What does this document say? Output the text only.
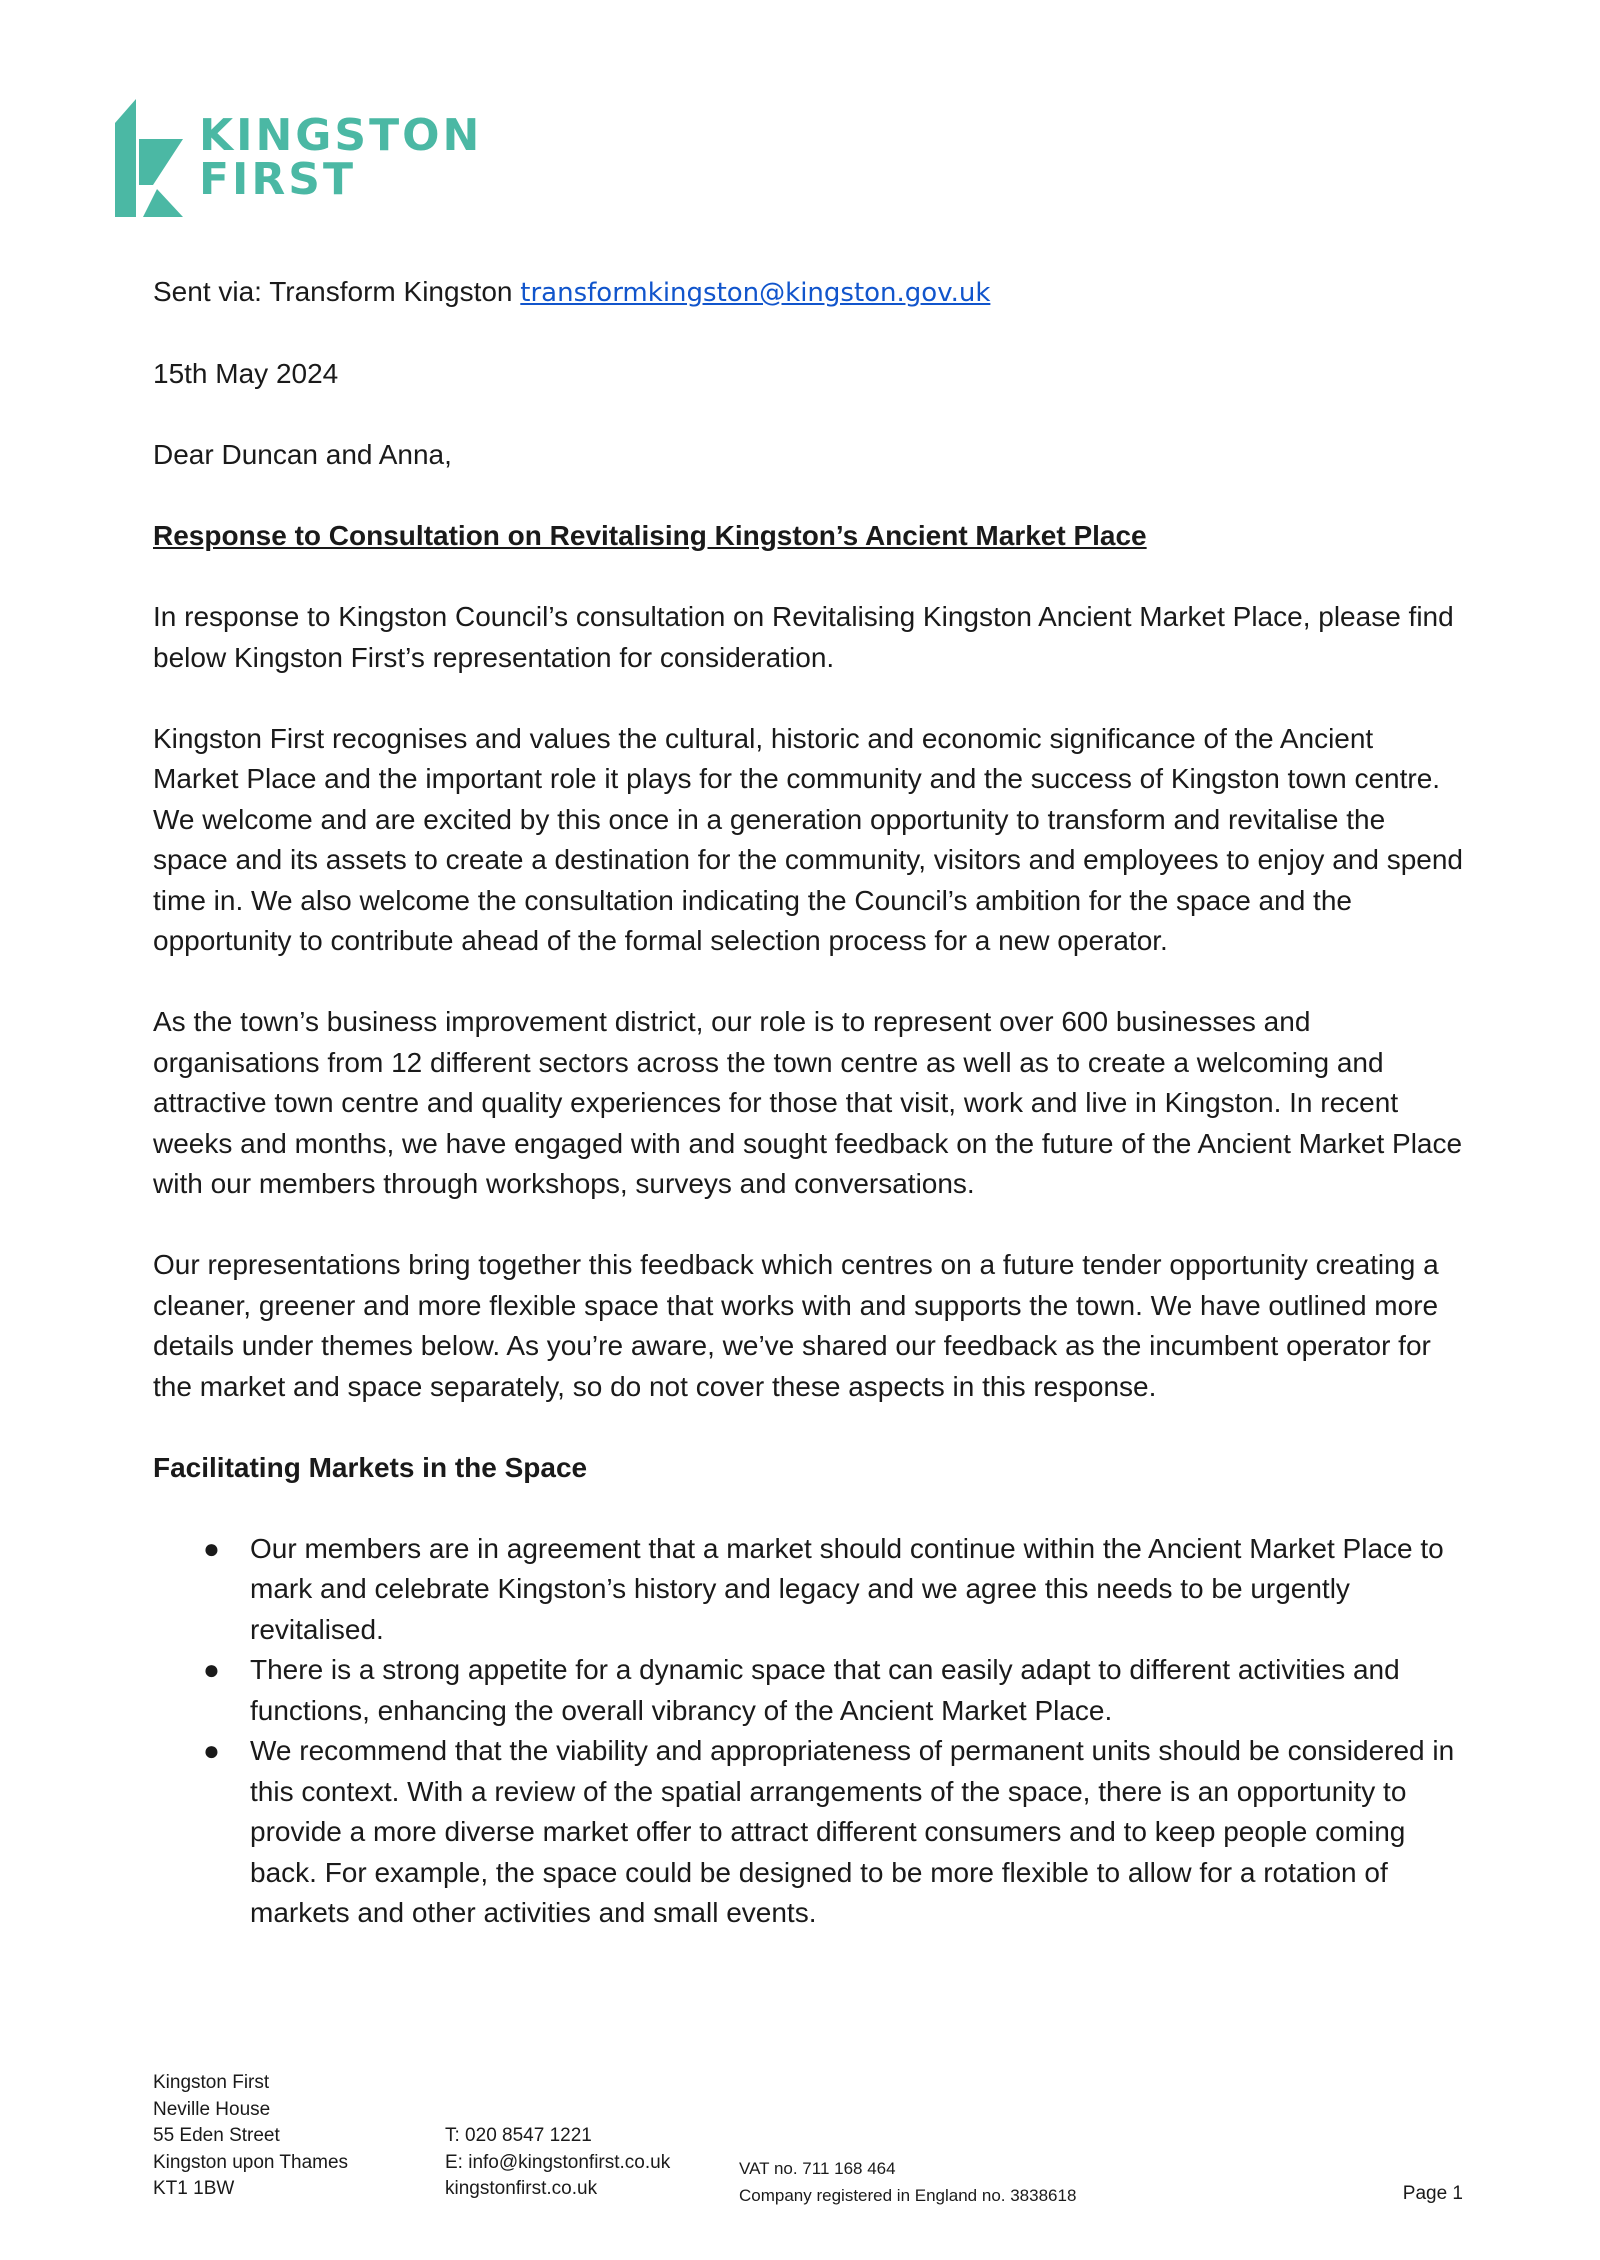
KINGSTON
FIRST

Sent via: Transform Kingston transformkingston@kingston.gov.uk

15th May 2024

Dear Duncan and Anna,

Response to Consultation on Revitalising Kingston’s Ancient Market Place

In response to Kingston Council’s consultation on Revitalising Kingston Ancient Market Place, please find below Kingston First’s representation for consideration.

Kingston First recognises and values the cultural, historic and economic significance of the Ancient Market Place and the important role it plays for the community and the success of Kingston town centre. We welcome and are excited by this once in a generation opportunity to transform and revitalise the space and its assets to create a destination for the community, visitors and employees to enjoy and spend time in. We also welcome the consultation indicating the Council’s ambition for the space and the opportunity to contribute ahead of the formal selection process for a new operator.

As the town’s business improvement district, our role is to represent over 600 businesses and organisations from 12 different sectors across the town centre as well as to create a welcoming and attractive town centre and quality experiences for those that visit, work and live in Kingston. In recent weeks and months, we have engaged with and sought feedback on the future of the Ancient Market Place with our members through workshops, surveys and conversations.

Our representations bring together this feedback which centres on a future tender opportunity creating a cleaner, greener and more flexible space that works with and supports the town. We have outlined more details under themes below. As you’re aware, we’ve shared our feedback as the incumbent operator for the market and space separately, so do not cover these aspects in this response.

Facilitating Markets in the Space

● Our members are in agreement that a market should continue within the Ancient Market Place to mark and celebrate Kingston’s history and legacy and we agree this needs to be urgently revitalised.
● There is a strong appetite for a dynamic space that can easily adapt to different activities and functions, enhancing the overall vibrancy of the Ancient Market Place.
● We recommend that the viability and appropriateness of permanent units should be considered in this context. With a review of the spatial arrangements of the space, there is an opportunity to provide a more diverse market offer to attract different consumers and to keep people coming back. For example, the space could be designed to be more flexible to allow for a rotation of markets and other activities and small events.
Kingston First
Neville House
55 Eden Street
Kingston upon Thames
KT1 1BW
T: 020 8547 1221
E: info@kingstonfirst.co.uk
kingstonfirst.co.uk
VAT no. 711 168 464
Company registered in England no. 3838618	Page 1
